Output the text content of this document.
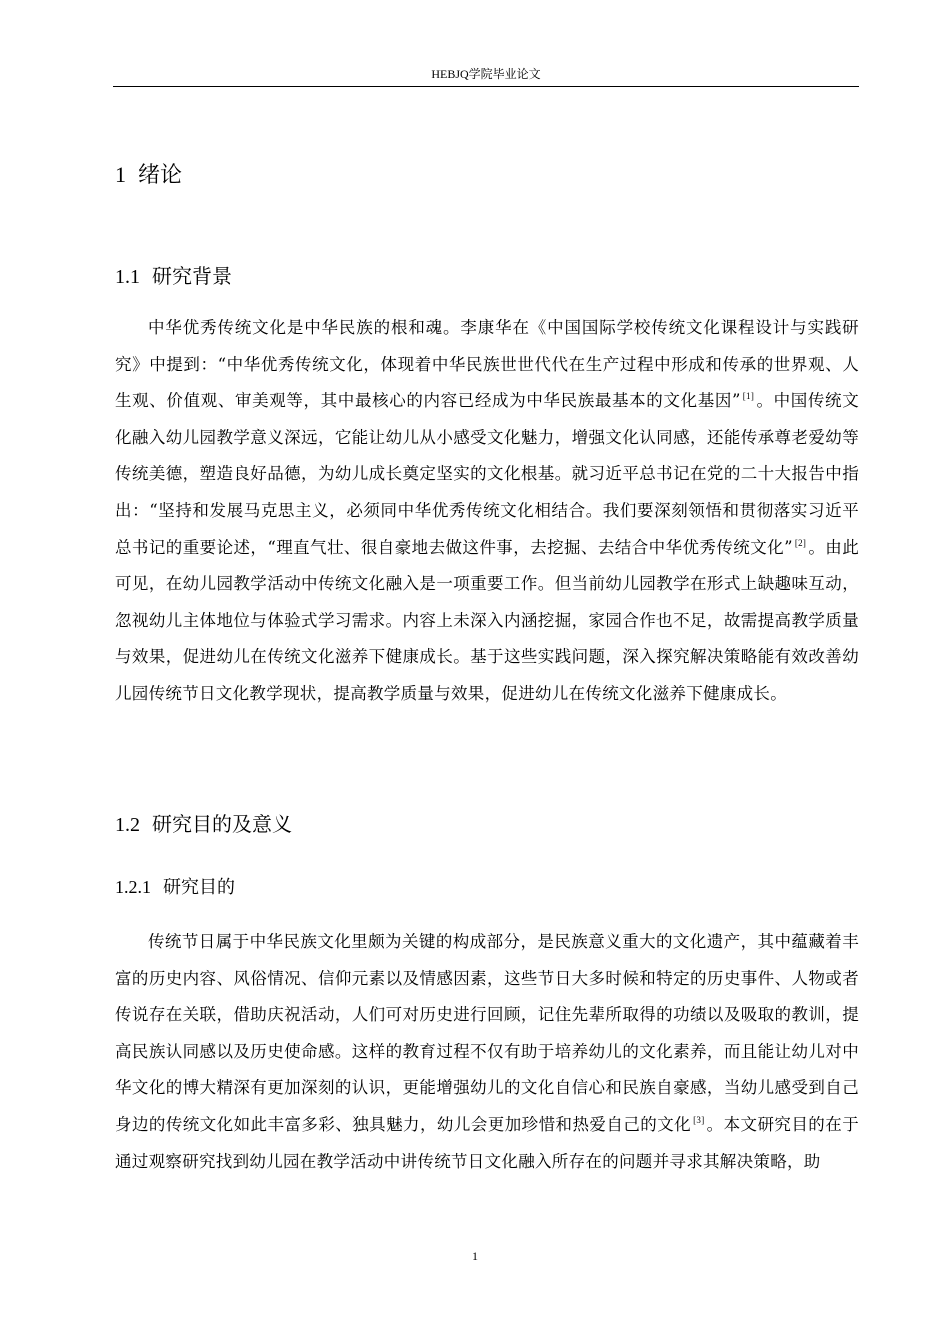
HEBJQ学院毕业论文
1 绪论
1.1 研究背景

中华优秀传统文化是中华民族的根和魂。李康华在《中国国际学校传统文化课程设计与实践研究》中提到：“中华优秀传统文化，体现着中华民族世世代代在生产过程中形成和传承的世界观、人生观、价值观、审美观等，其中最核心的内容已经成为中华民族最基本的文化基因” [1] 。中国传统文化融入幼儿园教学意义深远，它能让幼儿从小感受文化魅力，增强文化认同感，还能传承尊老爱幼等传统美德，塑造良好品德，为幼儿成长奠定坚实的文化根基。就习近平总书记在党的二十大报告中指出：“坚持和发展马克思主义，必须同中华优秀传统文化相结合。我们要深刻领悟和贯彻落实习近平总书记的重要论述，“理直气壮、很自豪地去做这件事，去挖掘、去结合中华优秀传统文化” [2] 。由此可见，在幼儿园教学活动中传统文化融入是一项重要工作。但当前幼儿园教学在形式上缺趣味互动，忽视幼儿主体地位与体验式学习需求。内容上未深入内涵挖掘，家园合作也不足，故需提高教学质量与效果，促进幼儿在传统文化滋养下健康成长。基于这些实践问题，深入探究解决策略能有效改善幼儿园传统节日文化教学现状，提高教学质量与效果，促进幼儿在传统文化滋养下健康成长。

1.2 研究目的及意义
1.2.1 研究目的

传统节日属于中华民族文化里颇为关键的构成部分，是民族意义重大的文化遗产，其中蕴藏着丰富的历史内容、风俗情况、信仰元素以及情感因素，这些节日大多时候和特定的历史事件、人物或者传说存在关联，借助庆祝活动，人们可对历史进行回顾，记住先辈所取得的功绩以及吸取的教训，提高民族认同感以及历史使命感。这样的教育过程不仅有助于培养幼儿的文化素养，而且能让幼儿对中华文化的博大精深有更加深刻的认识，更能增强幼儿的文化自信心和民族自豪感，当幼儿感受到自己身边的传统文化如此丰富多彩、独具魅力，幼儿会更加珍惜和热爱自己的文化 [3] 。本文研究目的在于通过观察研究找到幼儿园在教学活动中讲传统节日文化融入所存在的问题并寻求其解决策略，助

1
